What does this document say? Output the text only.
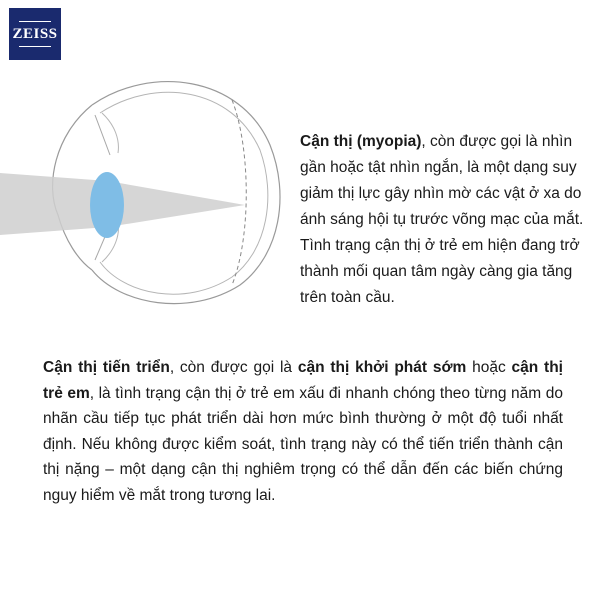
ZEISS
Cận thị (myopia), còn được gọi là nhìn gần hoặc tật nhìn ngắn, là một dạng suy giảm thị lực gây nhìn mờ các vật ở xa do ánh sáng hội tụ trước võng mạc của mắt. Tình trạng cận thị ở trẻ em hiện đang trở thành mối quan tâm ngày càng gia tăng trên toàn cầu.
Cận thị tiến triển, còn được gọi là cận thị khởi phát sớm hoặc cận thị trẻ em, là tình trạng cận thị ở trẻ em xấu đi nhanh chóng theo từng năm do nhãn cầu tiếp tục phát triển dài hơn mức bình thường ở một độ tuổi nhất định. Nếu không được kiểm soát, tình trạng này có thể tiến triển thành cận thị nặng – một dạng cận thị nghiêm trọng có thể dẫn đến các biến chứng nguy hiểm về mắt trong tương lai.
